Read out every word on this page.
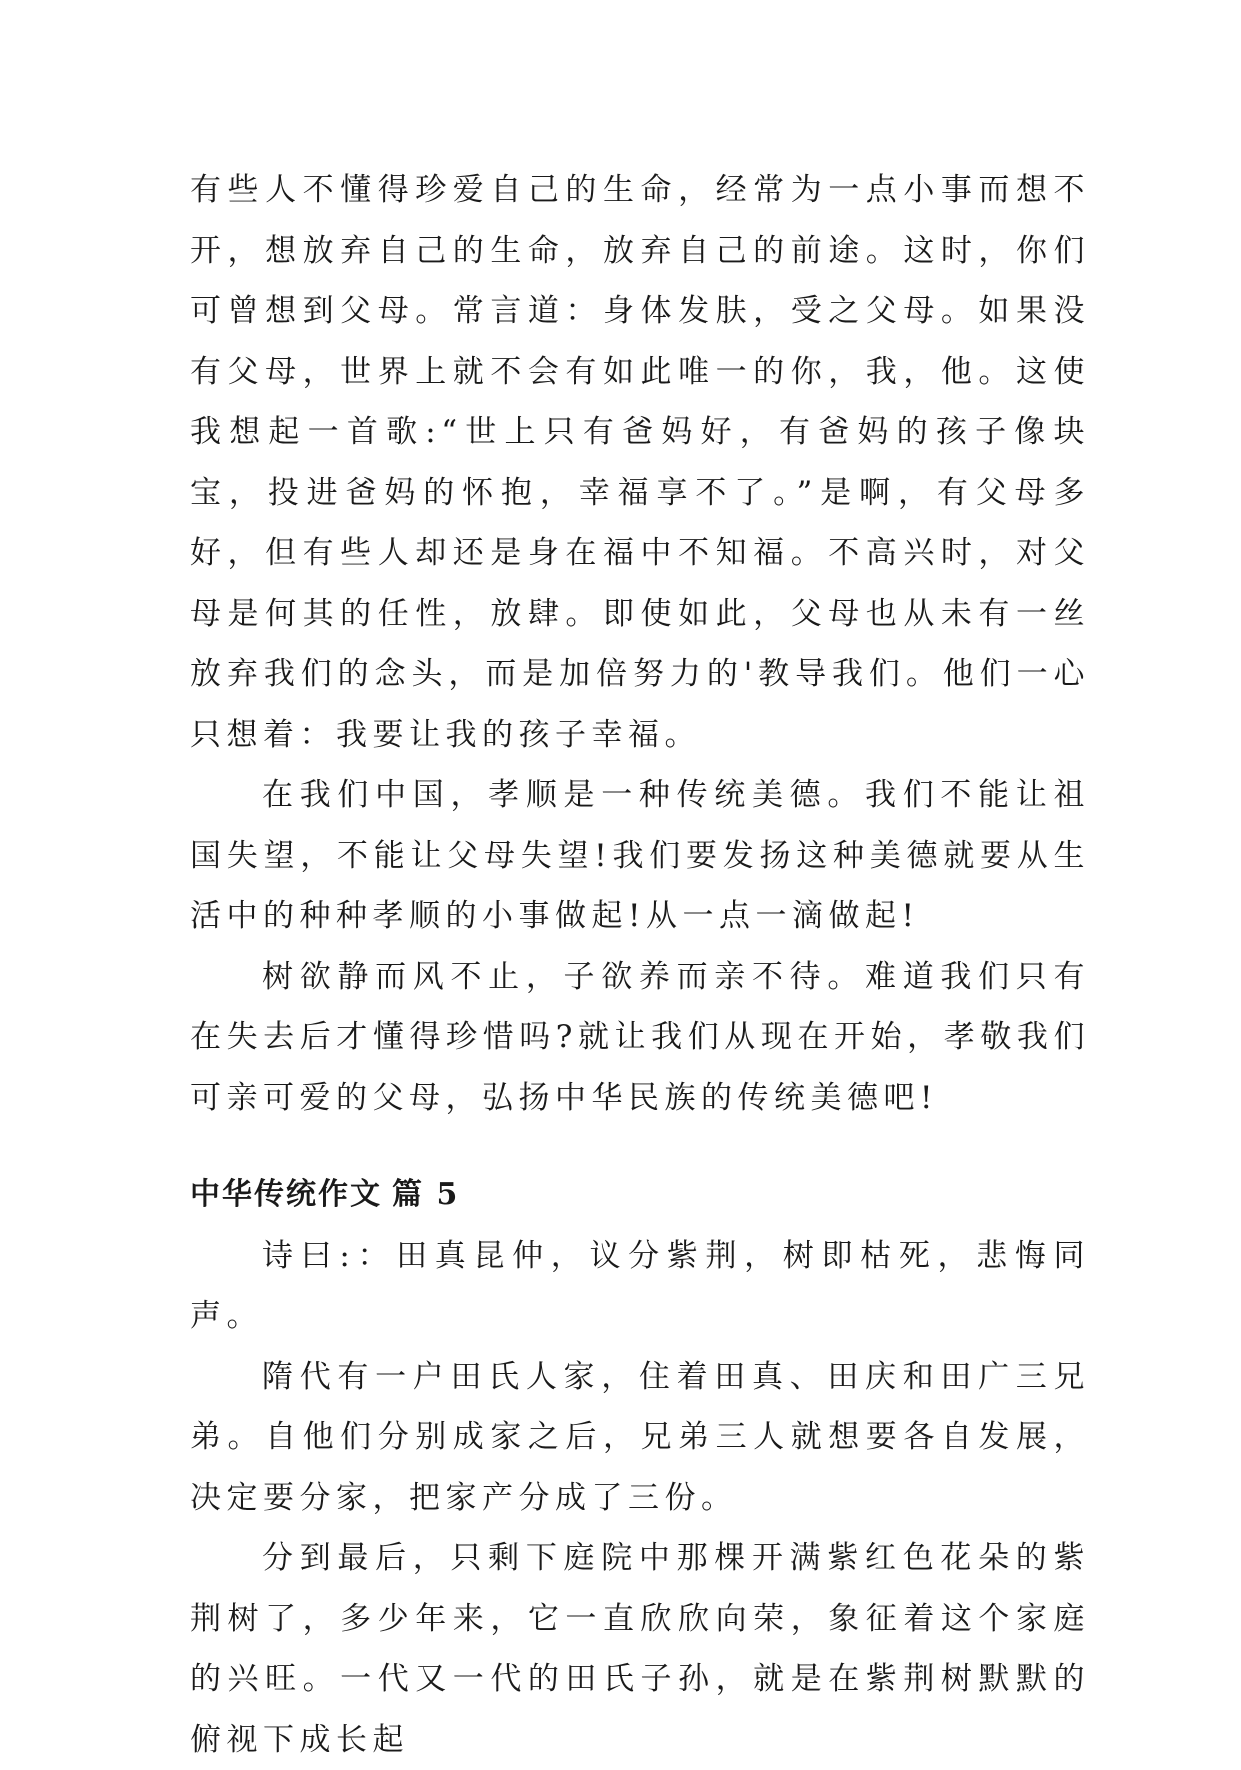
有些人不懂得珍爱自己的生命，经常为一点小事而想不开，想放弃自己的生命，放弃自己的前途。这时，你们可曾想到父母。常言道：身体发肤，受之父母。如果没有父母，世界上就不会有如此唯一的你，我，他。这使我想起一首歌:“世上只有爸妈好，有爸妈的孩子像块宝，投进爸妈的怀抱，幸福享不了。”是啊，有父母多好，但有些人却还是身在福中不知福。不高兴时，对父母是何其的任性，放肆。即使如此，父母也从未有一丝放弃我们的念头，而是加倍努力的'教导我们。他们一心只想着：我要让我的孩子幸福。

在我们中国，孝顺是一种传统美德。我们不能让祖国失望，不能让父母失望!我们要发扬这种美德就要从生活中的种种孝顺的小事做起!从一点一滴做起!

树欲静而风不止，子欲养而亲不待。难道我们只有在失去后才懂得珍惜吗?就让我们从现在开始，孝敬我们可亲可爱的父母，弘扬中华民族的传统美德吧!

中华传统作文 篇 5

诗曰:：田真昆仲，议分紫荆，树即枯死，悲悔同声。

隋代有一户田氏人家，住着田真、田庆和田广三兄弟。自他们分别成家之后，兄弟三人就想要各自发展，决定要分家，把家产分成了三份。

分到最后，只剩下庭院中那棵开满紫红色花朵的紫荆树了，多少年来，它一直欣欣向荣，象征着这个家庭的兴旺。一代又一代的田氏子孙，就是在紫荆树默默的俯视下成长起
